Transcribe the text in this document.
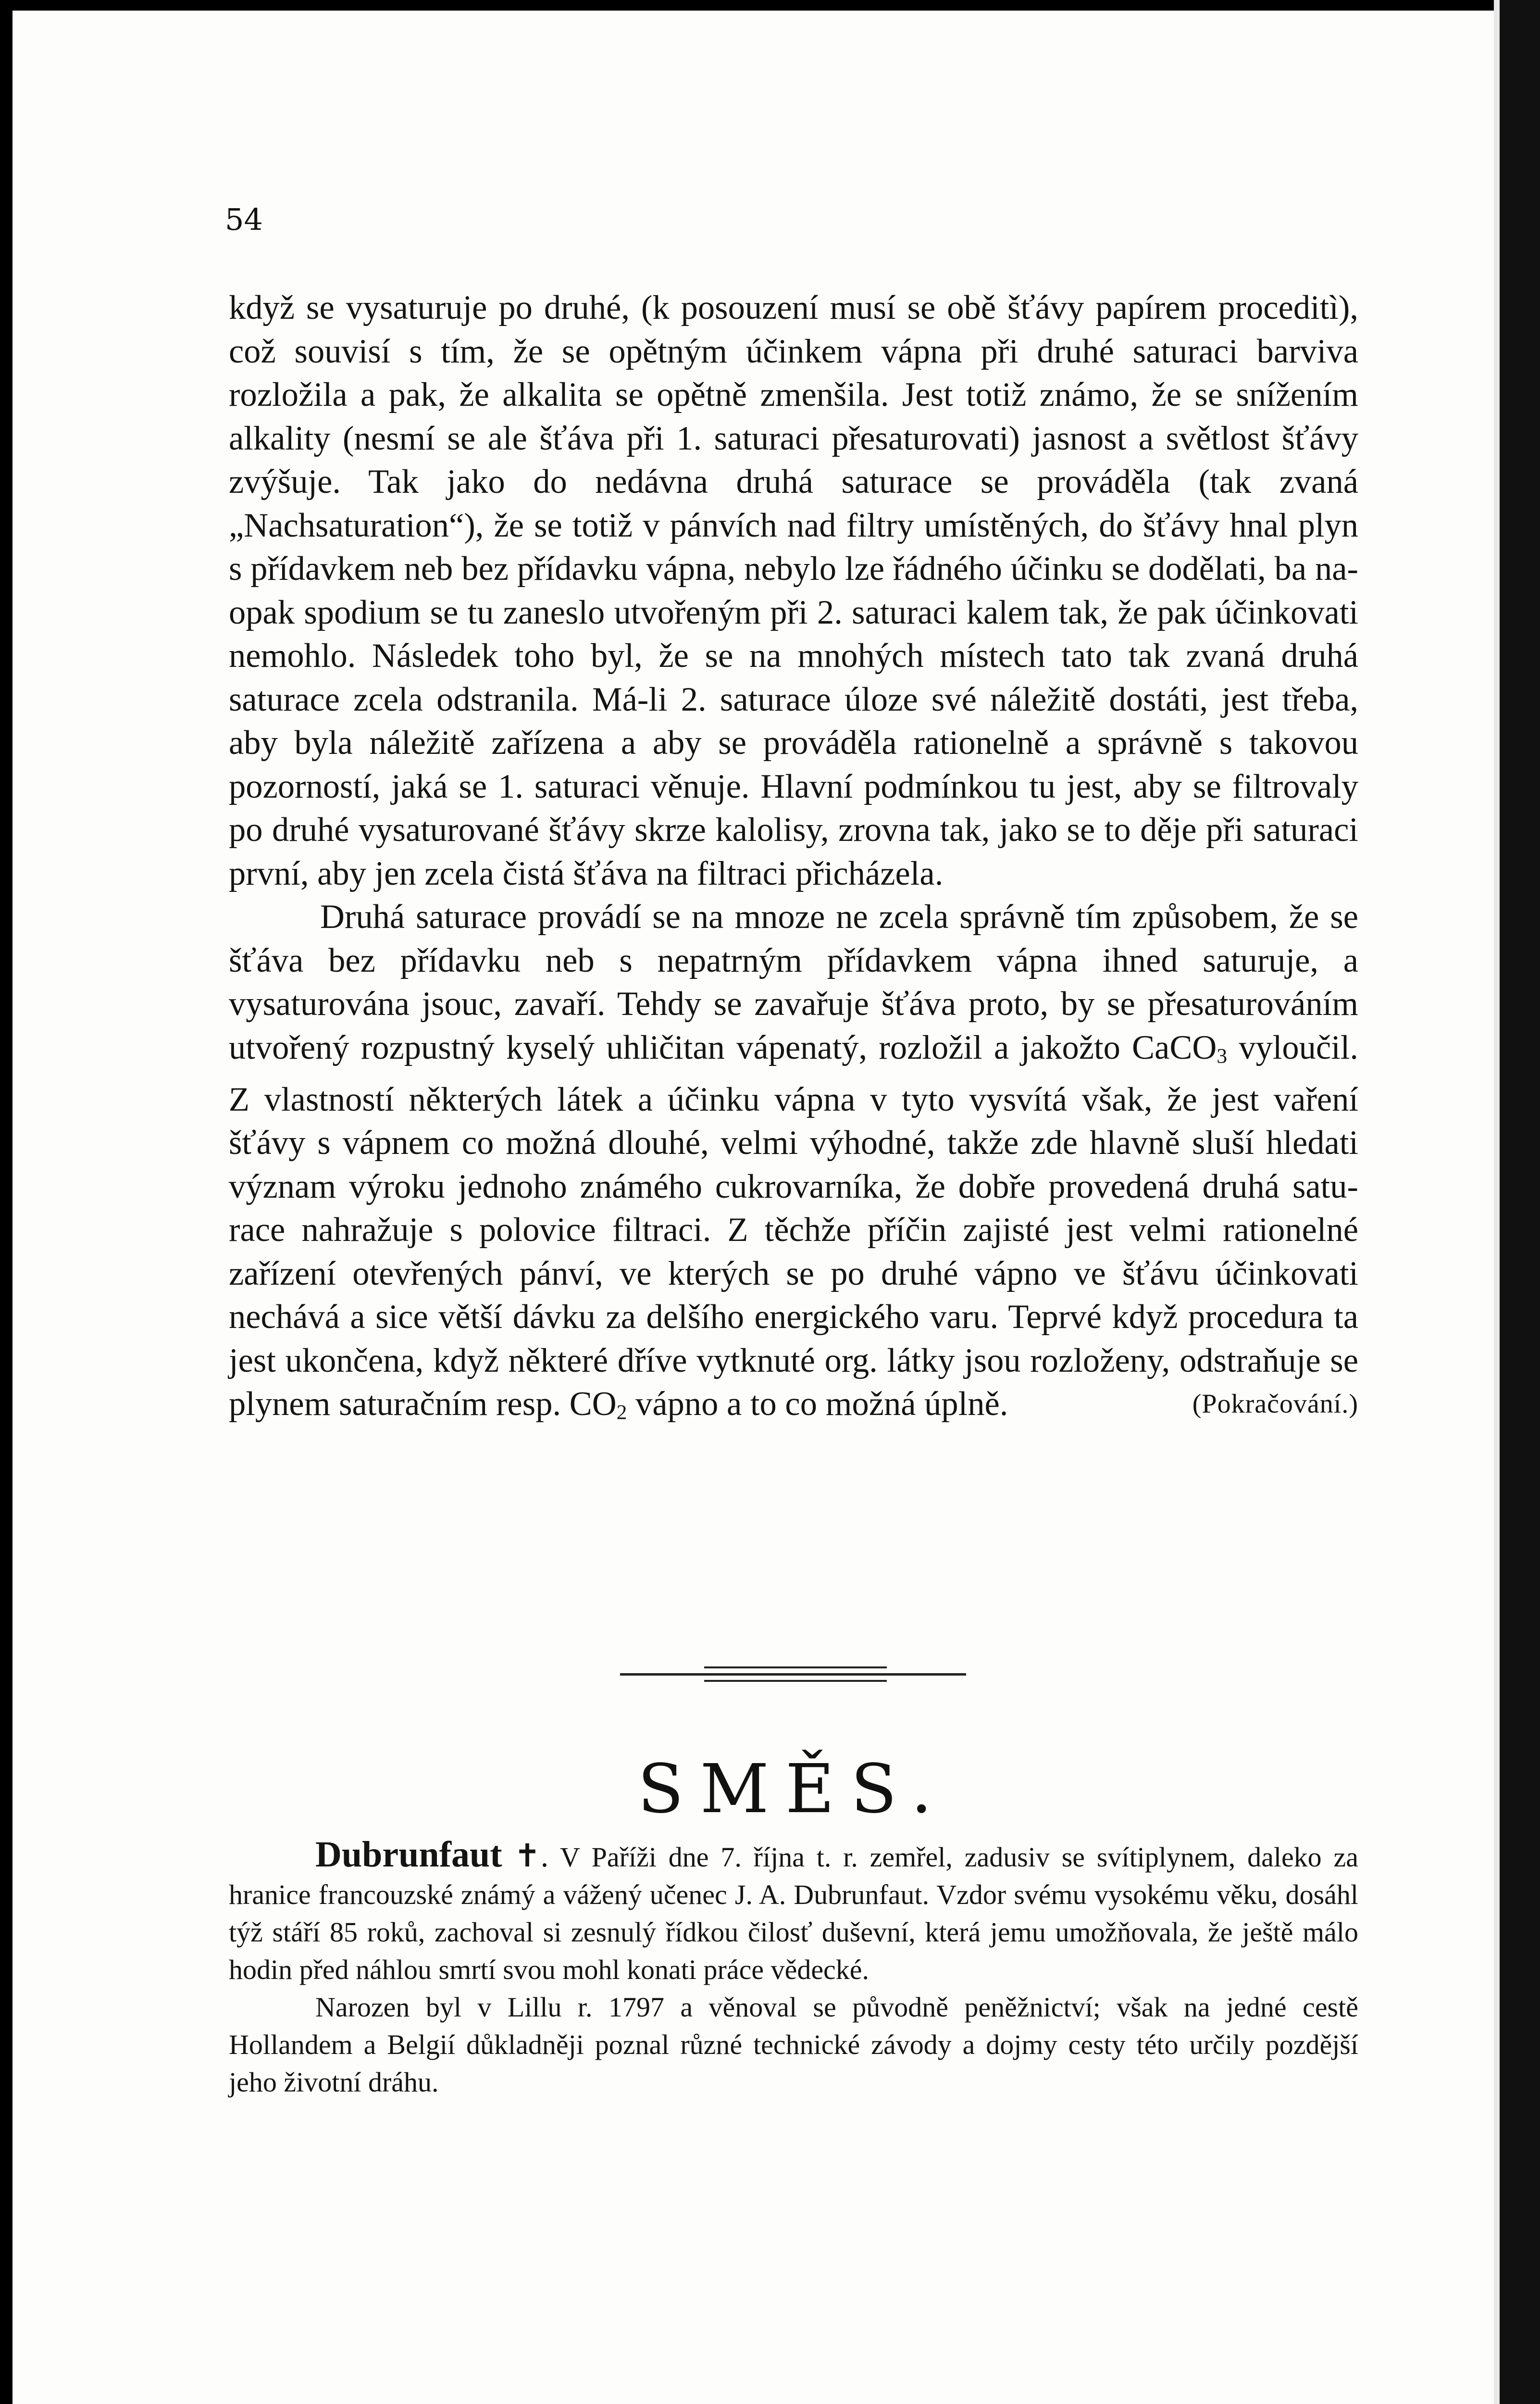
54

když se vysaturuje po druhé, (k posouzení musí se obě šťávy papírem proceditì), což souvisí s tím, že se opětným účinkem vápna při druhé saturaci barviva rozložila a pak, že alkalita se opětně zmenšila. Jest totiž známo, že se snížením alkality (nesmí se ale šťáva při 1. saturaci přesaturovati) jasnost a světlost šťávy zvýšuje. Tak jako do nedávna druhá saturace se prováděla (tak zvaná „Nachsaturation“), že se totiž v pánvích nad filtry umístěných, do šťávy hnal plyn s přídavkem neb bez přídavku vápna, nebylo lze řádného účinku se dodělati, ba naopak spodium se tu zaneslo utvořeným při 2. saturaci kalem tak, že pak účinkovati nemohlo. Následek toho byl, že se na mnohých místech tato tak zvaná druhá saturace zcela odstranila. Má-li 2. saturace úloze své náležitě dostáti, jest třeba, aby byla náležitě zařízena a aby se prováděla rationelně a správně s takovou pozorností, jaká se 1. saturaci věnuje. Hlavní podmínkou tu jest, aby se filtrovaly po druhé vysaturované šťávy skrze kalolisy, zrovna tak, jako se to děje při saturaci první, aby jen zcela čistá šťáva na filtraci přicházela.

Druhá saturace provádí se na mnoze ne zcela správně tím způsobem, že se šťáva bez přídavku neb s nepatrným přídavkem vápna ihned saturuje, a vysaturována jsouc, zavaří. Tehdy se zavařuje šťáva proto, by se přesaturováním utvořený rozpustný kyselý uhličitan vápenatý, rozložil a jakožto CaCO$_3$ vyloučil. Z vlastností některých látek a účinku vápna v tyto vysvítá však, že jest vaření šťávy s vápnem co možná dlouhé, velmi výhodné, takže zde hlavně sluší hledati význam výroku jednoho známého cukrovarníka, že dobře provedená druhá saturace nahražuje s polovice filtraci. Z těchže příčin zajisté jest velmi rationelné zařízení otevřených pánví, ve kterých se po druhé vápno ve šťávu účinkovati nechává a sice větší dávku za delšího energického varu. Teprvé když procedura ta jest ukončena, když některé dříve vytknuté org. látky jsou rozloženy, odstraňuje se plynem saturačním resp. $CO_2$ vápno a to co možná úplně.	(Pokračování.)

SMĚS.

Dubrunfaut ✝. V Paříži dne 7. října t. r. zemřel, zadusiv se svítiplynem, daleko za hranice francouzské známý a vážený učenec J. A. Dubrunfaut. Vzdor svému vysokému věku, dosáhl týž stáří 85 roků, zachoval si zesnulý řídkou čilosť duševní, která jemu umožňovala, že ještě málo hodin před náhlou smrtí svou mohl konati práce vědecké.

Narozen byl v Lillu r. 1797 a věnoval se původně peněžnictví; však na jedné cestě Hollandem a Belgií důkladněji poznal různé technické závody a dojmy cesty této určily pozdější jeho životní dráhu.
